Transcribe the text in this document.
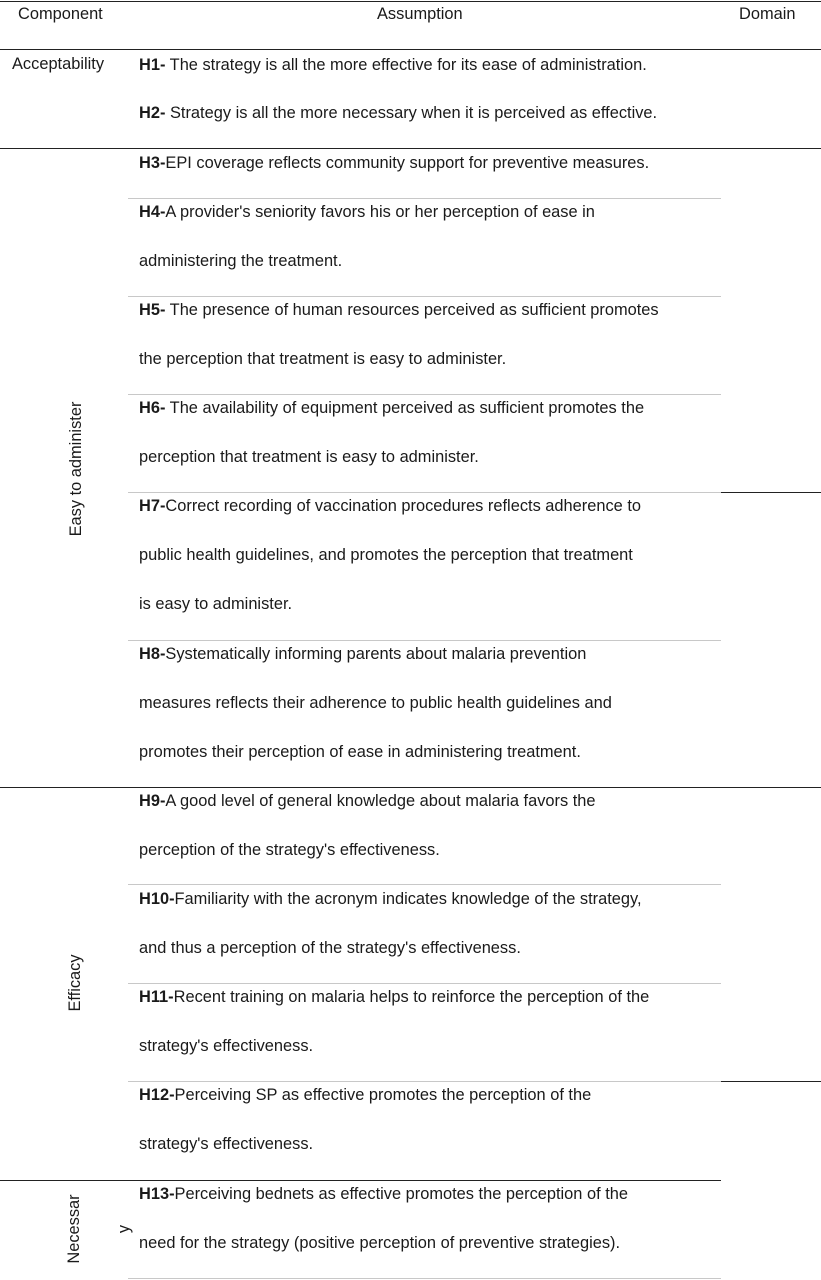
Component	Assumption	Domain
Acceptability
Easy to administer
Efficacy
Necessar y
H1- The strategy is all the more effective for its ease of administration.
H2- Strategy is all the more necessary when it is perceived as effective.
H3-EPI coverage reflects community support for preventive measures.
H4-A provider's seniority favors his or her perception of ease in
administering the treatment.
H5- The presence of human resources perceived as sufficient promotes
the perception that treatment is easy to administer.
H6- The availability of equipment perceived as sufficient promotes the
perception that treatment is easy to administer.
H7-Correct recording of vaccination procedures reflects adherence to
public health guidelines, and promotes the perception that treatment
is easy to administer.
H8-Systematically informing parents about malaria prevention
measures reflects their adherence to public health guidelines and
promotes their perception of ease in administering treatment.
H9-A good level of general knowledge about malaria favors the
perception of the strategy's effectiveness.
H10-Familiarity with the acronym indicates knowledge of the strategy,
and thus a perception of the strategy's effectiveness.
H11-Recent training on malaria helps to reinforce the perception of the
strategy's effectiveness.
H12-Perceiving SP as effective promotes the perception of the
strategy's effectiveness.
H13-Perceiving bednets as effective promotes the perception of the
need for the strategy (positive perception of preventive strategies).
